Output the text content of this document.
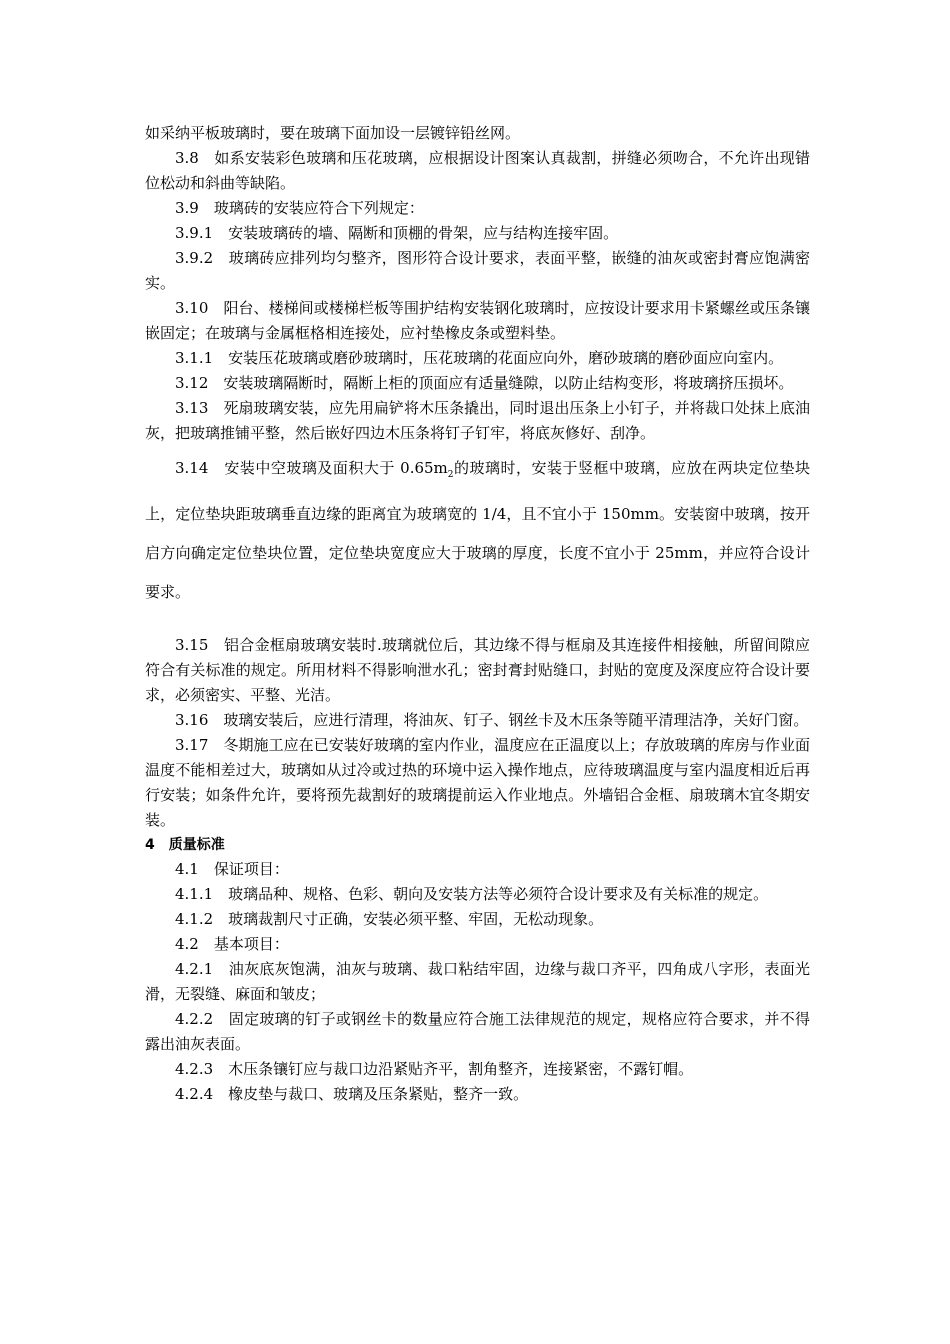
如采纳平板玻璃时，要在玻璃下面加设一层镀锌铅丝网。

3.8　如系安装彩色玻璃和压花玻璃，应根据设计图案认真裁割，拼缝必须吻合，不允许出现错位松动和斜曲等缺陷。

3.9　玻璃砖的安装应符合下列规定：

3.9.1　安装玻璃砖的墙、隔断和顶棚的骨架，应与结构连接牢固。

3.9.2　玻璃砖应排列均匀整齐，图形符合设计要求，表面平整，嵌缝的油灰或密封膏应饱满密实。

3.10　阳台、楼梯间或楼梯栏板等围护结构安装钢化玻璃时，应按设计要求用卡紧螺丝或压条镶嵌固定；在玻璃与金属框格相连接处，应衬垫橡皮条或塑料垫。

3.1.1　安装压花玻璃或磨砂玻璃时，压花玻璃的花面应向外，磨砂玻璃的磨砂面应向室内。

3.12　安装玻璃隔断时，隔断上柜的顶面应有适量缝隙，以防止结构变形，将玻璃挤压损坏。

3.13　死扇玻璃安装，应先用扁铲将木压条撬出，同时退出压条上小钉子，并将裁口处抹上底油灰，把玻璃推铺平整，然后嵌好四边木压条将钉子钉牢，将底灰修好、刮净。

3.14　安装中空玻璃及面积大于 $0.65m_2$的玻璃时，安装于竖框中玻璃，应放在两块定位垫块上，定位垫块距玻璃垂直边缘的距离宜为玻璃宽的 1/4，且不宜小于 150mm。安装窗中玻璃，按开启方向确定定位垫块位置，定位垫块宽度应大于玻璃的厚度，长度不宜小于 25mm，并应符合设计要求。

3.15　铝合金框扇玻璃安装时.玻璃就位后，其边缘不得与框扇及其连接件相接触，所留间隙应符合有关标准的规定。所用材料不得影响泄水孔；密封膏封贴缝口，封贴的宽度及深度应符合设计要求，必须密实、平整、光洁。

3.16　玻璃安装后，应进行清理，将油灰、钉子、钢丝卡及木压条等随平清理洁净，关好门窗。

3.17　冬期施工应在已安装好玻璃的室内作业，温度应在正温度以上；存放玻璃的库房与作业面温度不能相差过大，玻璃如从过冷或过热的环境中运入操作地点，应待玻璃温度与室内温度相近后再行安装；如条件允许，要将预先裁割好的玻璃提前运入作业地点。外墙铝合金框、扇玻璃木宜冬期安装。

4　质量标准

4.1　保证项目：

4.1.1　玻璃品种、规格、色彩、朝向及安装方法等必须符合设计要求及有关标准的规定。

4.1.2　玻璃裁割尺寸正确，安装必须平整、牢固，无松动现象。

4.2　基本项目：

4.2.1　油灰底灰饱满，油灰与玻璃、裁口粘结牢固，边缘与裁口齐平，四角成八字形，表面光滑，无裂缝、麻面和皱皮；

4.2.2　固定玻璃的钉子或钢丝卡的数量应符合施工法律规范的规定，规格应符合要求，并不得露出油灰表面。

4.2.3　木压条镶钉应与裁口边沿紧贴齐平，割角整齐，连接紧密，不露钉帽。

4.2.4　橡皮垫与裁口、玻璃及压条紧贴，整齐一致。
